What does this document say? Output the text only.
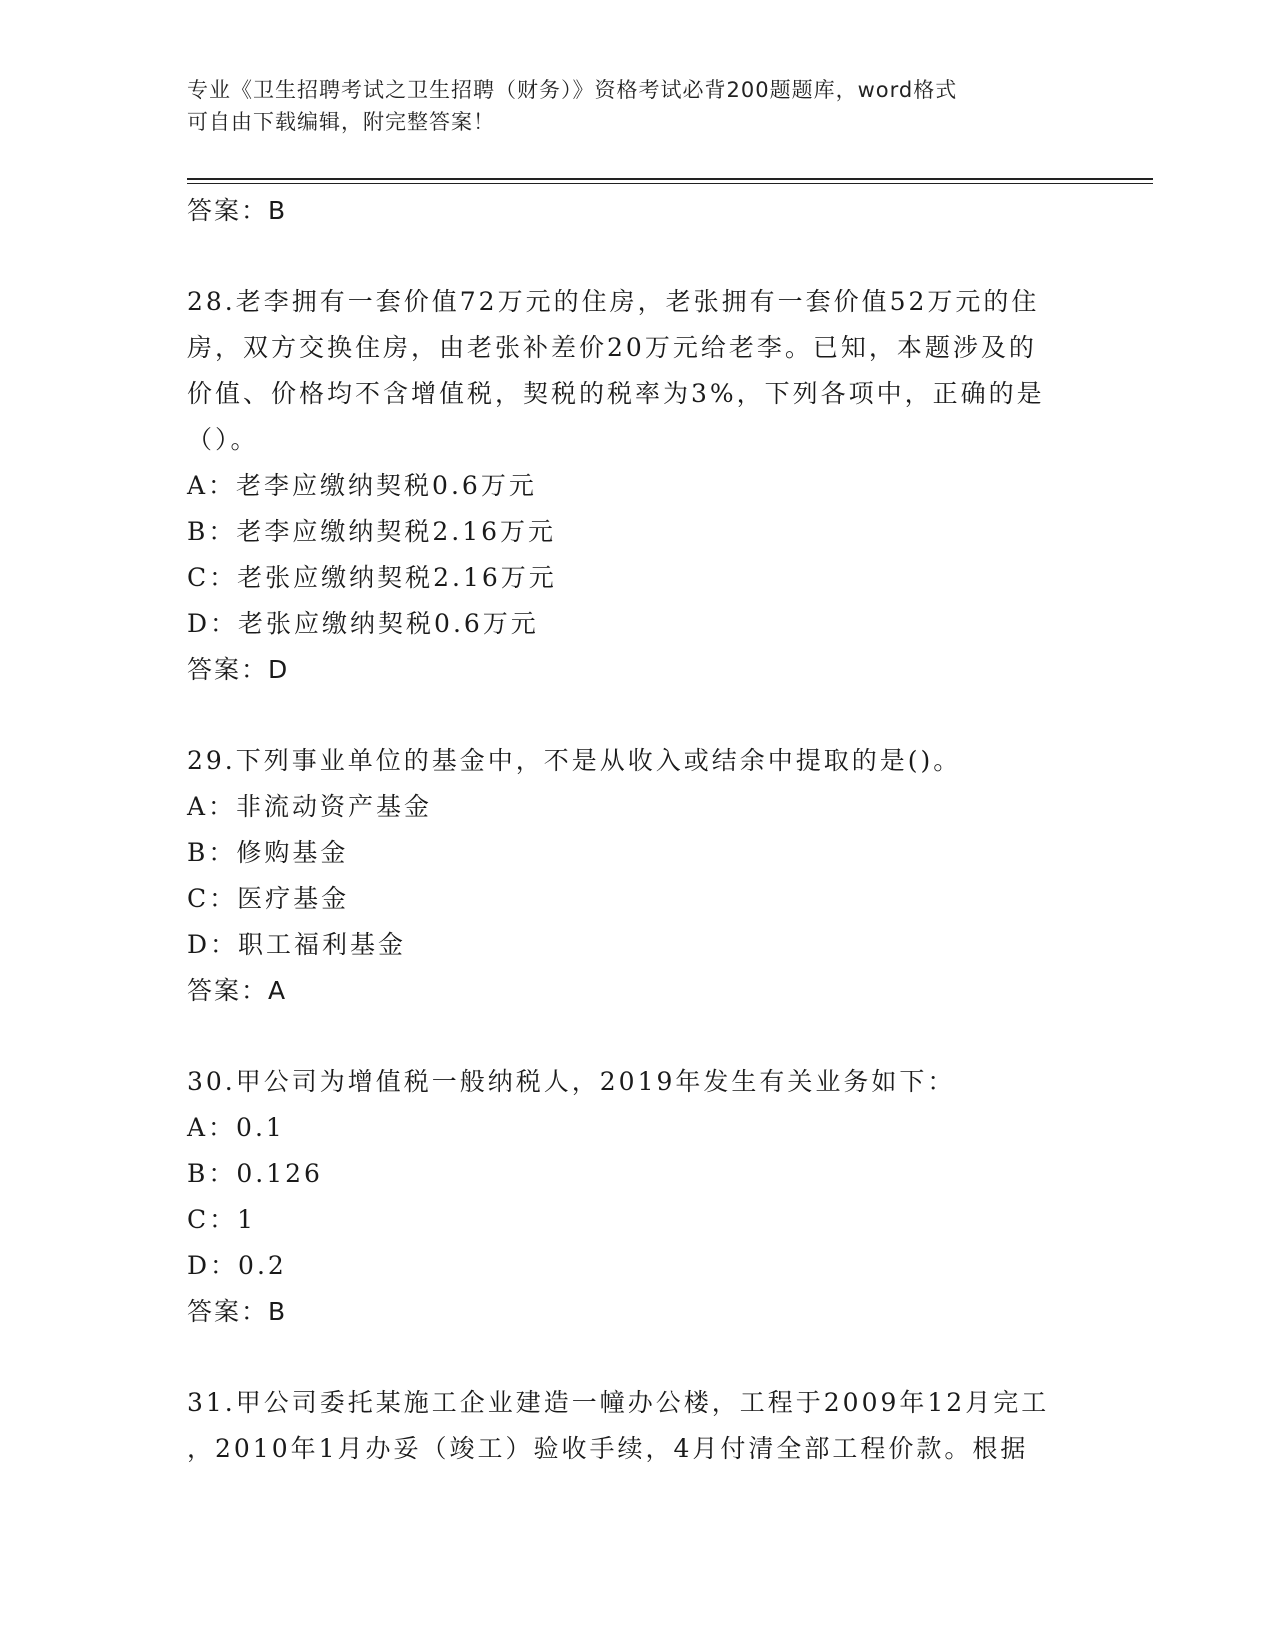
专业《卫生招聘考试之卫生招聘（财务）》资格考试必背200题题库，word格式
可自由下载编辑，附完整答案！
答案：B
28.老李拥有一套价值72万元的住房，老张拥有一套价值52万元的住
房，双方交换住房，由老张补差价20万元给老李。已知，本题涉及的
价值、价格均不含增值税，契税的税率为3%，下列各项中，正确的是
（）。
A：老李应缴纳契税0.6万元
B：老李应缴纳契税2.16万元
C：老张应缴纳契税2.16万元
D：老张应缴纳契税0.6万元
答案：D
29.下列事业单位的基金中，不是从收入或结余中提取的是()。
A：非流动资产基金
B：修购基金
C：医疗基金
D：职工福利基金
答案：A
30.甲公司为增值税一般纳税人，2019年发生有关业务如下：
A：0.1
B：0.126
C：1
D：0.2
答案：B
31.甲公司委托某施工企业建造一幢办公楼，工程于2009年12月完工
，2010年1月办妥（竣工）验收手续，4月付清全部工程价款。根据
